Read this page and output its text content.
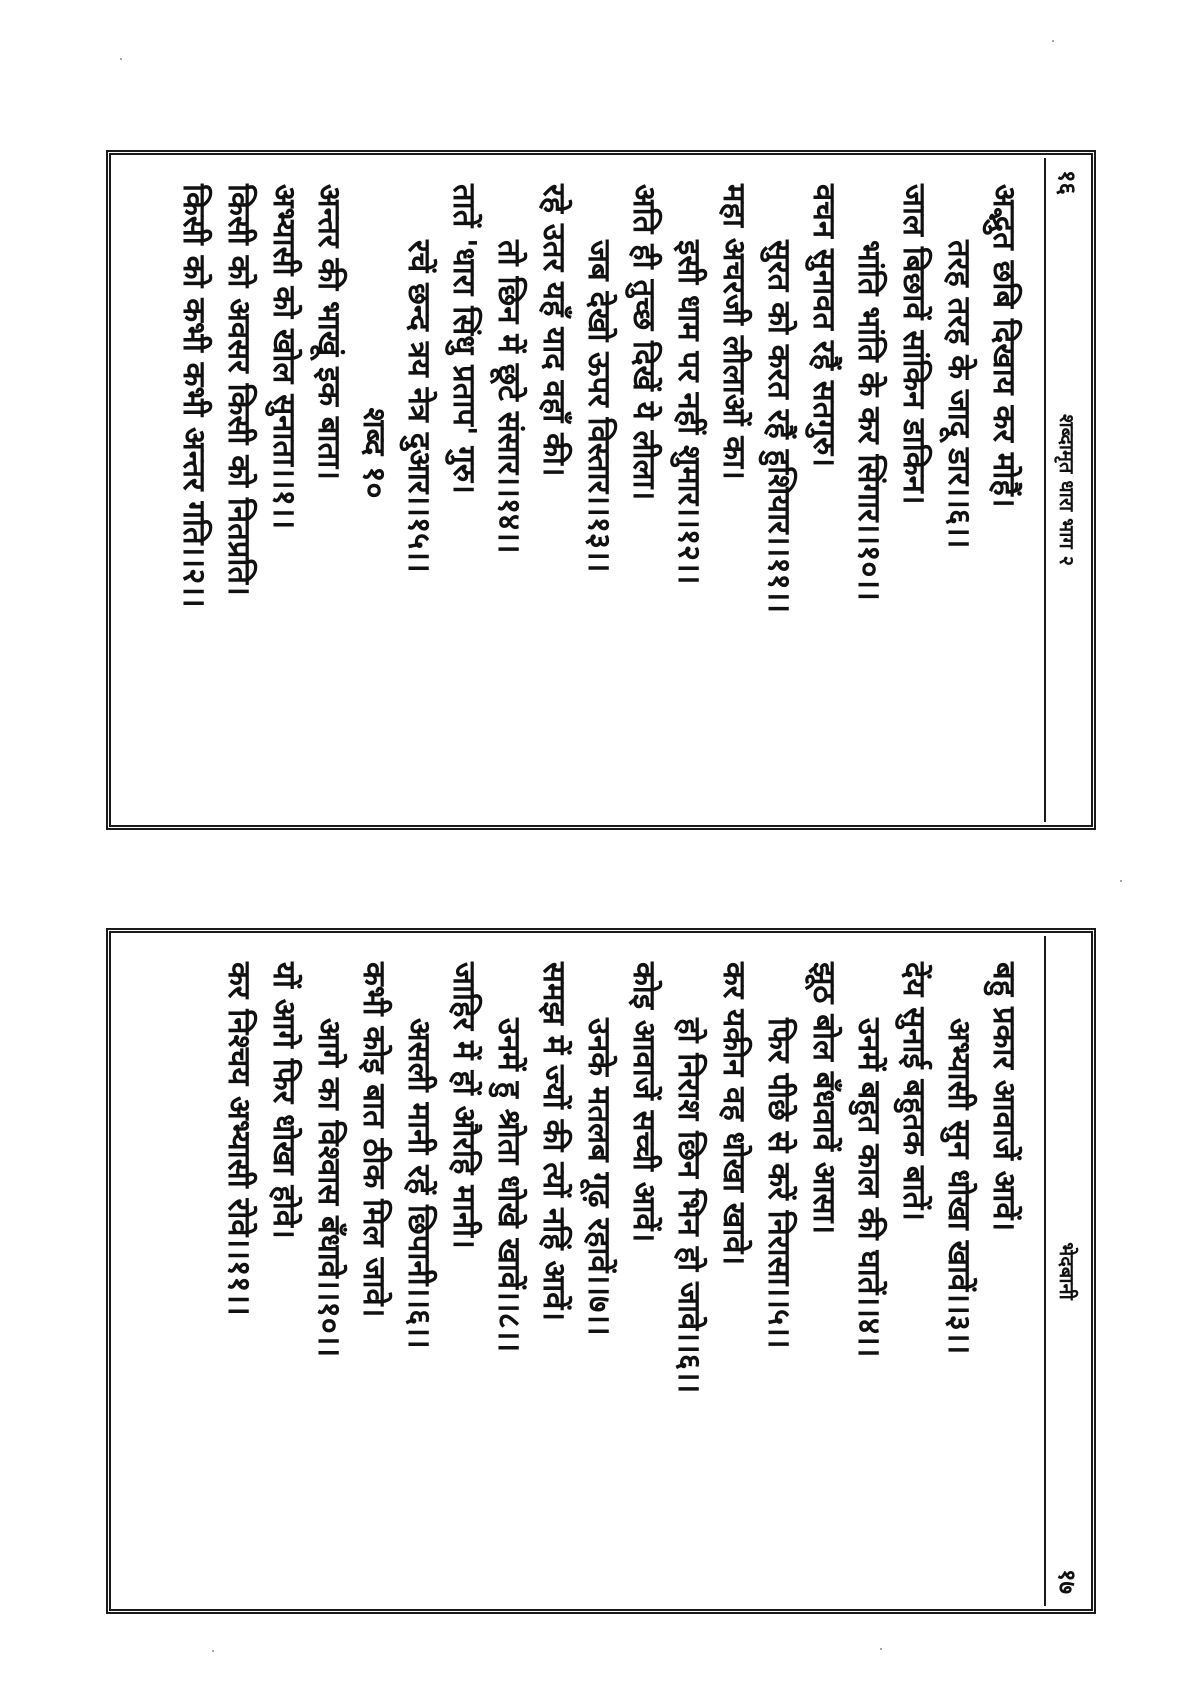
१६
शब्दामृत धारा भाग २
अद्भुत छबि दिखाय कर मोहैं।
तरह तरह के जादू डार।।६।।
जाल बिछावें सांकिन डाकिन।
भांति भांति के कर सिंगार।।१०।।
वचन सुनावत रहैं सतगुरु।
सुरत को करत रहैं हुशियार।।११।।
महा अचरजी लीलाओं का।
इसी धाम पर नहीं शुमार।।१२।।
अति ही तुच्छ दिखें ये लीला।
जब देखो ऊपर विस्तार।।१३।।
रहे उतर यहँ याद वहाँ की।
तो छिन में छूटे संसार।।१४।।
तातें 'धारा सिंधु प्रताप' गुरु।
रचें छन्द त्रय नेत्र दुआर।।१५।।
शब्द १०
अन्तर की भाखूं इक बाता।
अभ्यासी को खोल सुनाता।।१।।
किसी को अवसर किसी को नितप्रति।
किसी को कभी कभी अन्तर गति।।२।।
भेदबानी
१७
बहु प्रकार आवाजें आवें।
अभ्यासी सुन धोखा खावें।।३।।
देंय सुनाई बहुतक बातें।
उनमें बहुत काल की घातें।।४।।
झूठ बोल बँधवावें आसा।
फिर पीछे से करें निरासा।।५।।
कर यकीन वह धोखा खावे।
हो निराश छिन भिन हो जावे।।६।।
कोइ आवाजें सच्ची आवें।
उनके मतलब गूढ़ रहावें।।७।।
समझ में ज्यों की त्यों नहिं आवें।
उनमें हु श्रोता धोखे खावें।।८।।
जाहिर में हों औरहि मानी।
असली मानी रहें छिपानी।।६।।
कभी कोइ बात ठीक मिल जावे।
आगे का विश्वास बँधावे।।१०।।
यों आगे फिर धोखा होवे।
कर निश्चय अभ्यासी रोवे।।११।।
